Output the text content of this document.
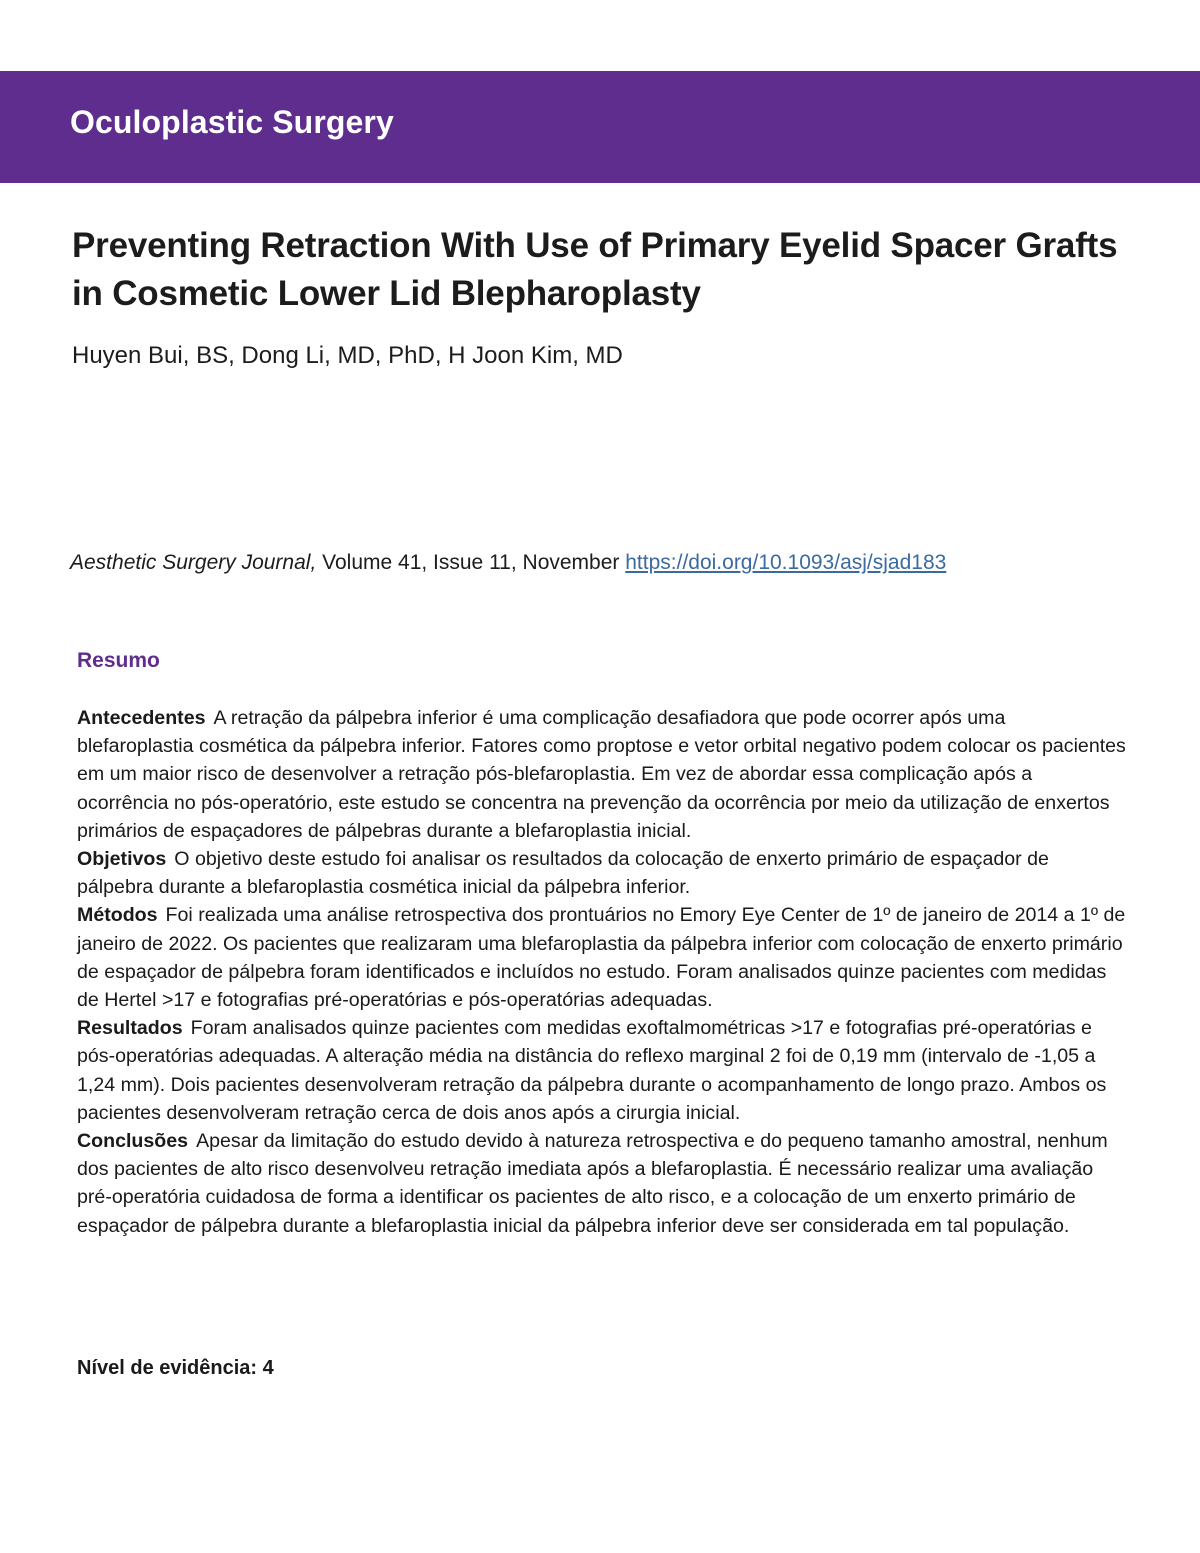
Oculoplastic Surgery
Preventing Retraction With Use of Primary Eyelid Spacer Grafts in Cosmetic Lower Lid Blepharoplasty

Huyen Bui, BS, Dong Li, MD, PhD, H Joon Kim, MD

Aesthetic Surgery Journal, Volume 41, Issue 11, November https://doi.org/10.1093/asj/sjad183

Resumo

Antecedentes A retração da pálpebra inferior é uma complicação desafiadora que pode ocorrer após uma blefaroplastia cosmética da pálpebra inferior. Fatores como proptose e vetor orbital negativo podem colocar os pacientes em um maior risco de desenvolver a retração pós-blefaroplastia. Em vez de abordar essa complicação após a ocorrência no pós-operatório, este estudo se concentra na prevenção da ocorrência por meio da utilização de enxertos primários de espaçadores de pálpebras durante a blefaroplastia inicial.

Objetivos O objetivo deste estudo foi analisar os resultados da colocação de enxerto primário de espaçador de pálpebra durante a blefaroplastia cosmética inicial da pálpebra inferior.

Métodos Foi realizada uma análise retrospectiva dos prontuários no Emory Eye Center de 1º de janeiro de 2014 a 1º de janeiro de 2022. Os pacientes que realizaram uma blefaroplastia da pálpebra inferior com colocação de enxerto primário de espaçador de pálpebra foram identificados e incluídos no estudo. Foram analisados quinze pacientes com medidas de Hertel >17 e fotografias pré-operatórias e pós-operatórias adequadas.

Resultados Foram analisados quinze pacientes com medidas exoftalmométricas >17 e fotografias pré-operatórias e pós-operatórias adequadas. A alteração média na distância do reflexo marginal 2 foi de 0,19 mm (intervalo de -1,05 a 1,24 mm). Dois pacientes desenvolveram retração da pálpebra durante o acompanhamento de longo prazo. Ambos os pacientes desenvolveram retração cerca de dois anos após a cirurgia inicial.

Conclusões Apesar da limitação do estudo devido à natureza retrospectiva e do pequeno tamanho amostral, nenhum dos pacientes de alto risco desenvolveu retração imediata após a blefaroplastia. É necessário realizar uma avaliação pré-operatória cuidadosa de forma a identificar os pacientes de alto risco, e a colocação de um enxerto primário de espaçador de pálpebra durante a blefaroplastia inicial da pálpebra inferior deve ser considerada em tal população.

Nível de evidência: 4
